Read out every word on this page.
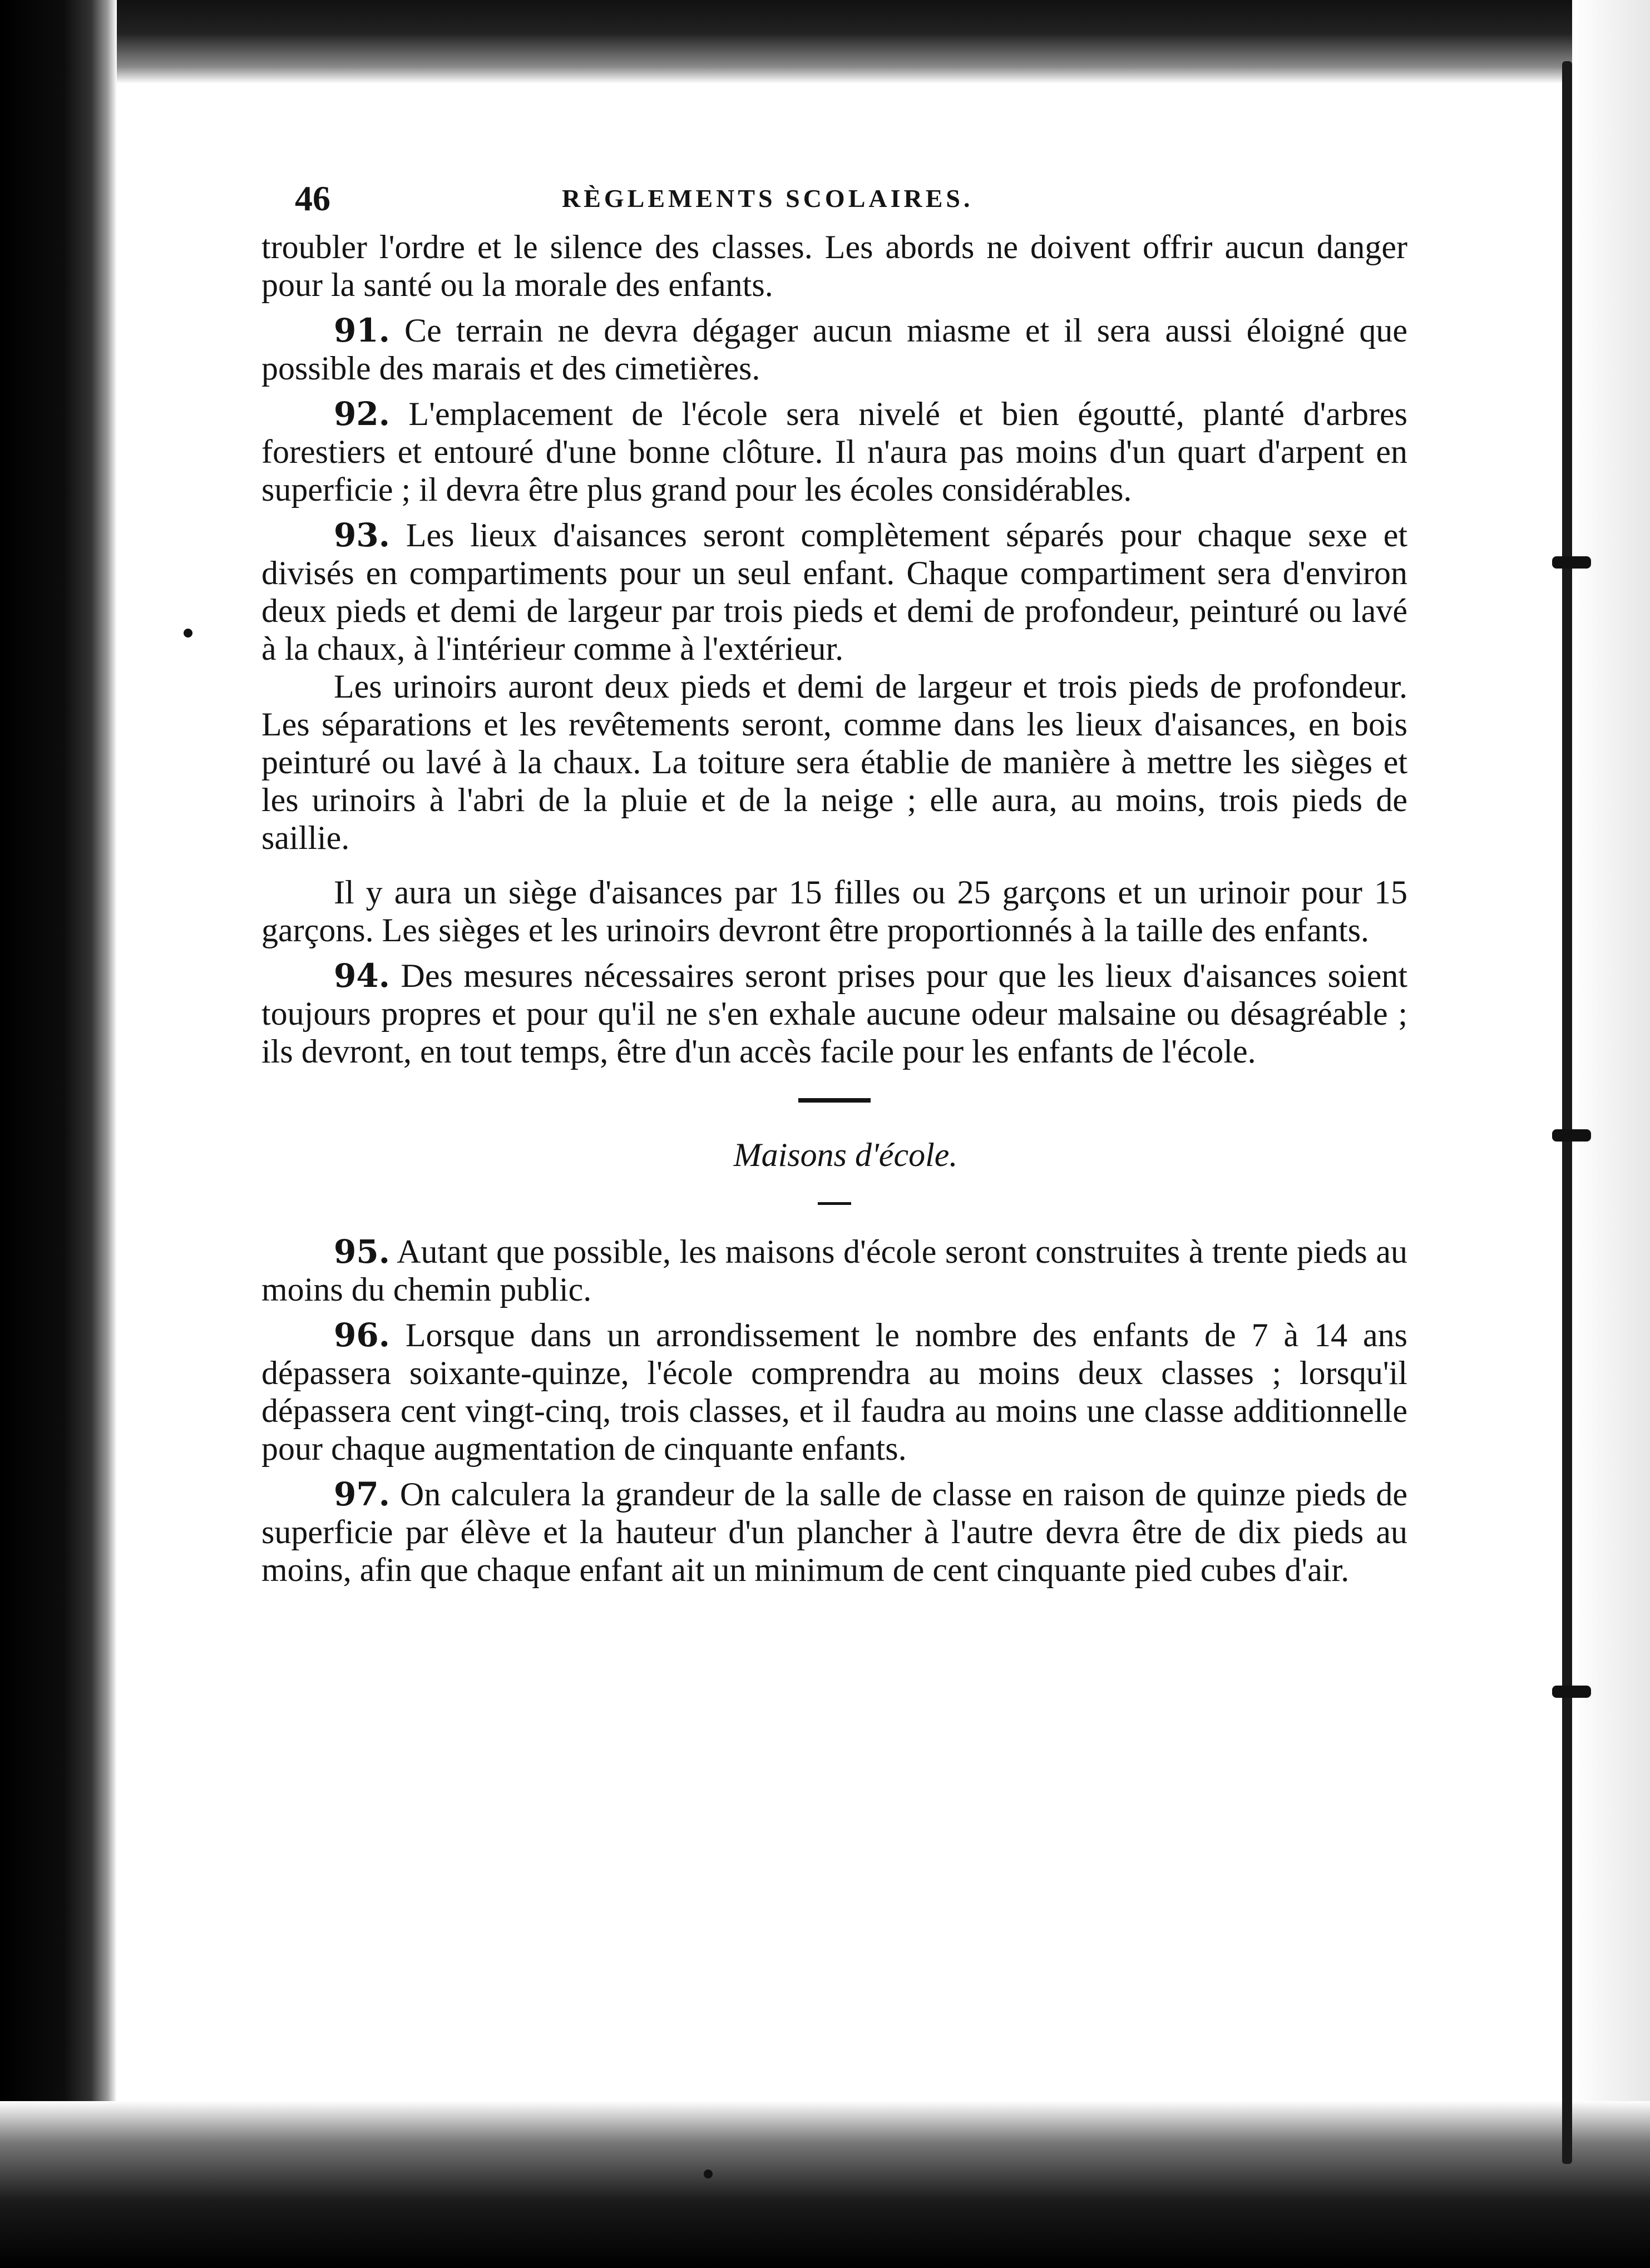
46	RÈGLEMENTS SCOLAIRES.

troubler l'ordre et le silence des classes. Les abords ne doivent offrir aucun danger pour la santé ou la morale des enfants.

91. Ce terrain ne devra dégager aucun miasme et il sera aussi éloigné que possible des marais et des cimetières.

92. L'emplacement de l'école sera nivelé et bien égoutté, planté d'arbres forestiers et entouré d'une bonne clôture. Il n'aura pas moins d'un quart d'arpent en superficie ; il devra être plus grand pour les écoles considérables.

93. Les lieux d'aisances seront complètement séparés pour chaque sexe et divisés en compartiments pour un seul enfant. Chaque compartiment sera d'environ deux pieds et demi de largeur par trois pieds et demi de profondeur, peinturé ou lavé à la chaux, à l'intérieur comme à l'extérieur.

Les urinoirs auront deux pieds et demi de largeur et trois pieds de profondeur. Les séparations et les revêtements seront, comme dans les lieux d'aisances, en bois peinturé ou lavé à la chaux. La toiture sera établie de manière à mettre les sièges et les urinoirs à l'abri de la pluie et de la neige ; elle aura, au moins, trois pieds de saillie.

Il y aura un siège d'aisances par 15 filles ou 25 garçons et un urinoir pour 15 garçons. Les sièges et les urinoirs devront être proportionnés à la taille des enfants.

94. Des mesures nécessaires seront prises pour que les lieux d'aisances soient toujours propres et pour qu'il ne s'en exhale aucune odeur malsaine ou désagréable ; ils devront, en tout temps, être d'un accès facile pour les enfants de l'école.

Maisons d'école.

95. Autant que possible, les maisons d'école seront construites à trente pieds au moins du chemin public.

96. Lorsque dans un arrondissement le nombre des enfants de 7 à 14 ans dépassera soixante-quinze, l'école comprendra au moins deux classes ; lorsqu'il dépassera cent vingt-cinq, trois classes, et il faudra au moins une classe additionnelle pour chaque augmentation de cinquante enfants.

97. On calculera la grandeur de la salle de classe en raison de quinze pieds de superficie par élève et la hauteur d'un plancher à l'autre devra être de dix pieds au moins, afin que chaque enfant ait un minimum de cent cinquante pied cubes d'air.
